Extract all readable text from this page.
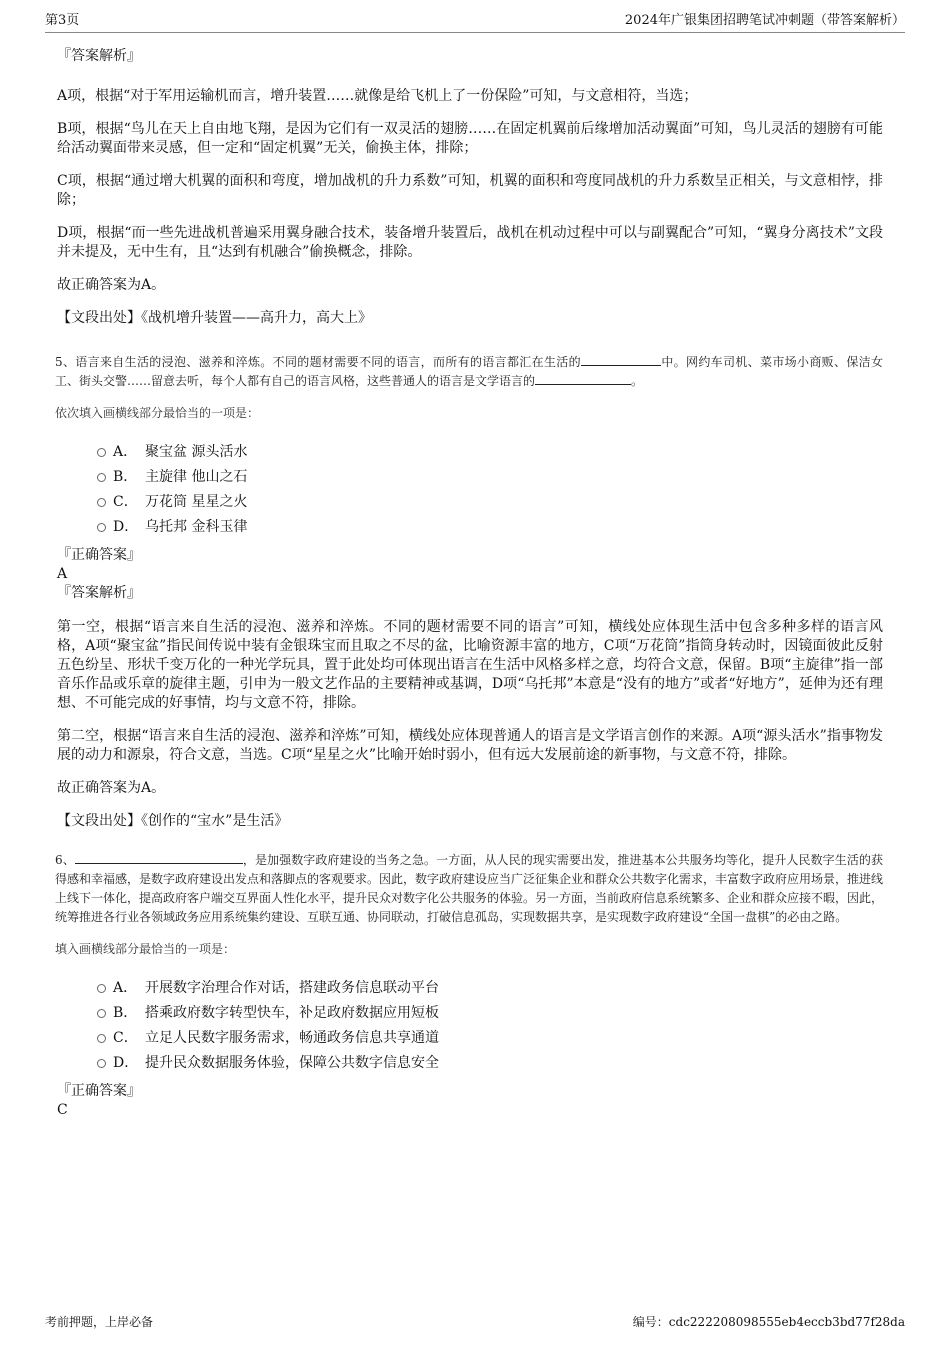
第3页	2024年广银集团招聘笔试冲刺题（带答案解析）

『答案解析』

A项，根据“对于军用运输机而言，增升装置……就像是给飞机上了一份保险”可知，与文意相符，当选；

B项，根据“鸟儿在天上自由地飞翔，是因为它们有一双灵活的翅膀……在固定机翼前后缘增加活动翼面”可知，鸟儿灵活的翅膀有可能给活动翼面带来灵感，但一定和“固定机翼”无关，偷换主体，排除；

C项，根据“通过增大机翼的面积和弯度，增加战机的升力系数”可知，机翼的面积和弯度同战机的升力系数呈正相关，与文意相悖，排除；

D项，根据“而一些先进战机普遍采用翼身融合技术，装备增升装置后，战机在机动过程中可以与副翼配合”可知，“翼身分离技术”文段并未提及，无中生有，且“达到有机融合”偷换概念，排除。

故正确答案为A。

【文段出处】《战机增升装置——高升力，高大上》

5、语言来自生活的浸泡、滋养和淬炼。不同的题材需要不同的语言，而所有的语言都汇在生活的	中。网约车司机、菜市场小商贩、保洁女工、街头交警……留意去听，每个人都有自己的语言风格，这些普通人的语言是文学语言的	。

依次填入画横线部分最恰当的一项是：

A． 聚宝盆 源头活水
B． 主旋律 他山之石
C． 万花筒 星星之火
D． 乌托邦 金科玉律

『正确答案』

A

『答案解析』

第一空，根据“语言来自生活的浸泡、滋养和淬炼。不同的题材需要不同的语言”可知，横线处应体现生活中包含多种多样的语言风格，A项“聚宝盆”指民间传说中装有金银珠宝而且取之不尽的盆，比喻资源丰富的地方，C项“万花筒”指筒身转动时，因镜面彼此反射五色纷呈、形状千变万化的一种光学玩具，置于此处均可体现出语言在生活中风格多样之意，均符合文意，保留。B项“主旋律”指一部音乐作品或乐章的旋律主题，引申为一般文艺作品的主要精神或基调，D项“乌托邦”本意是“没有的地方”或者“好地方”，延伸为还有理想、不可能完成的好事情，均与文意不符，排除。

第二空，根据“语言来自生活的浸泡、滋养和淬炼”可知，横线处应体现普通人的语言是文学语言创作的来源。A项“源头活水”指事物发展的动力和源泉，符合文意，当选。C项“星星之火”比喻开始时弱小，但有远大发展前途的新事物，与文意不符，排除。

故正确答案为A。

【文段出处】《创作的“宝水”是生活》

6、	，是加强数字政府建设的当务之急。一方面，从人民的现实需要出发，推进基本公共服务均等化，提升人民数字生活的获得感和幸福感，是数字政府建设出发点和落脚点的客观要求。因此，数字政府建设应当广泛征集企业和群众公共数字化需求，丰富数字政府应用场景，推进线上线下一体化，提高政府客户端交互界面人性化水平，提升民众对数字化公共服务的体验。另一方面，当前政府信息系统繁多、企业和群众应接不暇，因此，统筹推进各行业各领域政务应用系统集约建设、互联互通、协同联动，打破信息孤岛，实现数据共享，是实现数字政府建设“全国一盘棋”的必由之路。

填入画横线部分最恰当的一项是：

A． 开展数字治理合作对话，搭建政务信息联动平台
B． 搭乘政府数字转型快车，补足政府数据应用短板
C． 立足人民数字服务需求，畅通政务信息共享通道
D． 提升民众数据服务体验，保障公共数字信息安全

『正确答案』

C

考前押题，上岸必备	编号：cdc222208098555eb4eccb3bd77f28da
